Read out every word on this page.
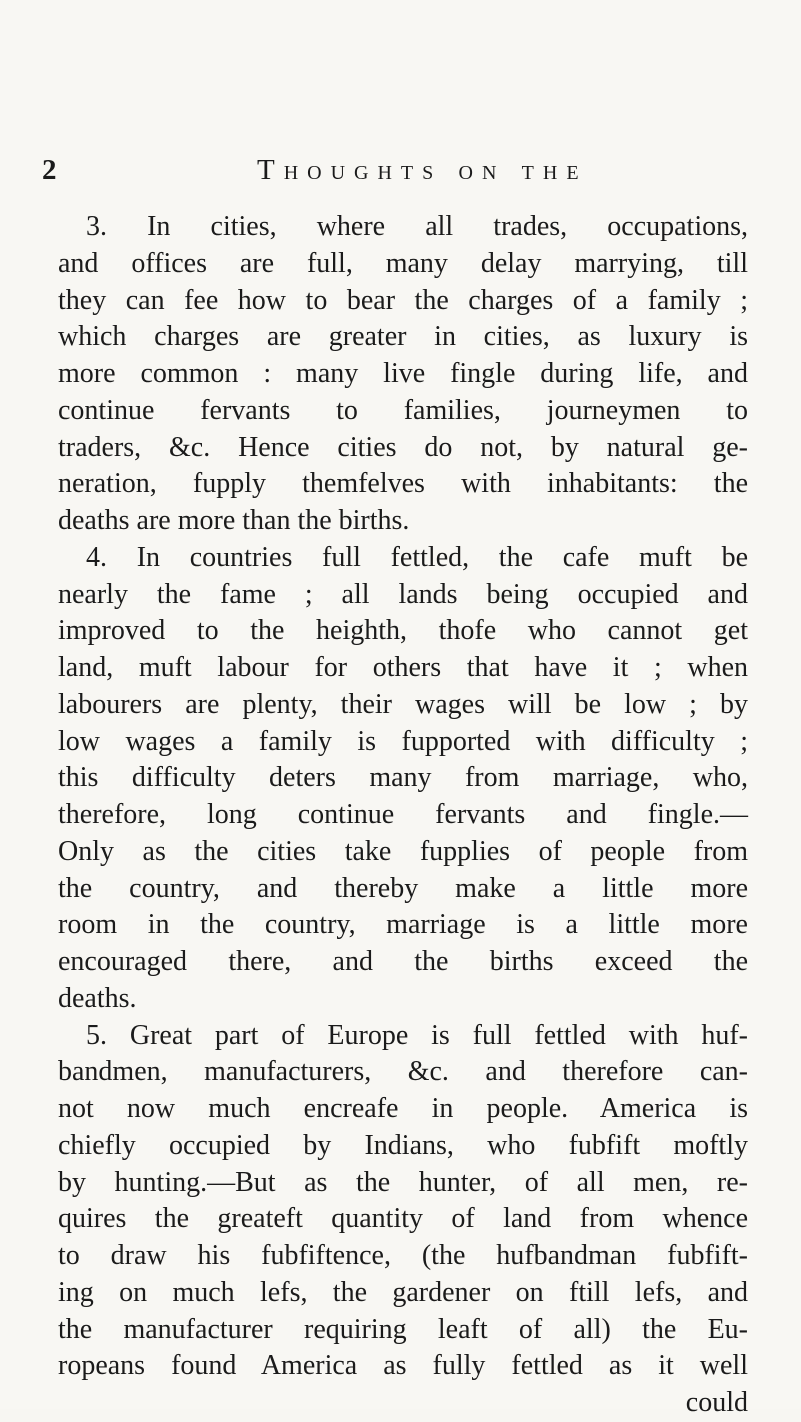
2	Thoughts on the
3. In cities, where all trades, occupations,
and offices are full, many delay marrying, till
they can fee how to bear the charges of a family ;
which charges are greater in cities, as luxury is
more common : many live fingle during life, and
continue fervants to families, journeymen to
traders, &c. Hence cities do not, by natural ge-
neration, fupply themfelves with inhabitants: the
deaths are more than the births.
4. In countries full fettled, the cafe muft be
nearly the fame ; all lands being occupied and
improved to the heighth, thofe who cannot get
land, muft labour for others that have it ; when
labourers are plenty, their wages will be low ; by
low wages a family is fupported with difficulty ;
this difficulty deters many from marriage, who,
therefore, long continue fervants and fingle.—
Only as the cities take fupplies of people from
the country, and thereby make a little more
room in the country, marriage is a little more
encouraged there, and the births exceed the
deaths.
5. Great part of Europe is full fettled with huf-
bandmen, manufacturers, &c. and therefore can-
not now much encreafe in people. America is
chiefly occupied by Indians, who fubfift moftly
by hunting.—But as the hunter, of all men, re-
quires the greateft quantity of land from whence
to draw his fubfiftence, (the hufbandman fubfift-
ing on much lefs, the gardener on ftill lefs, and
the manufacturer requiring leaft of all) the Eu-
ropeans found America as fully fettled as it well
could
